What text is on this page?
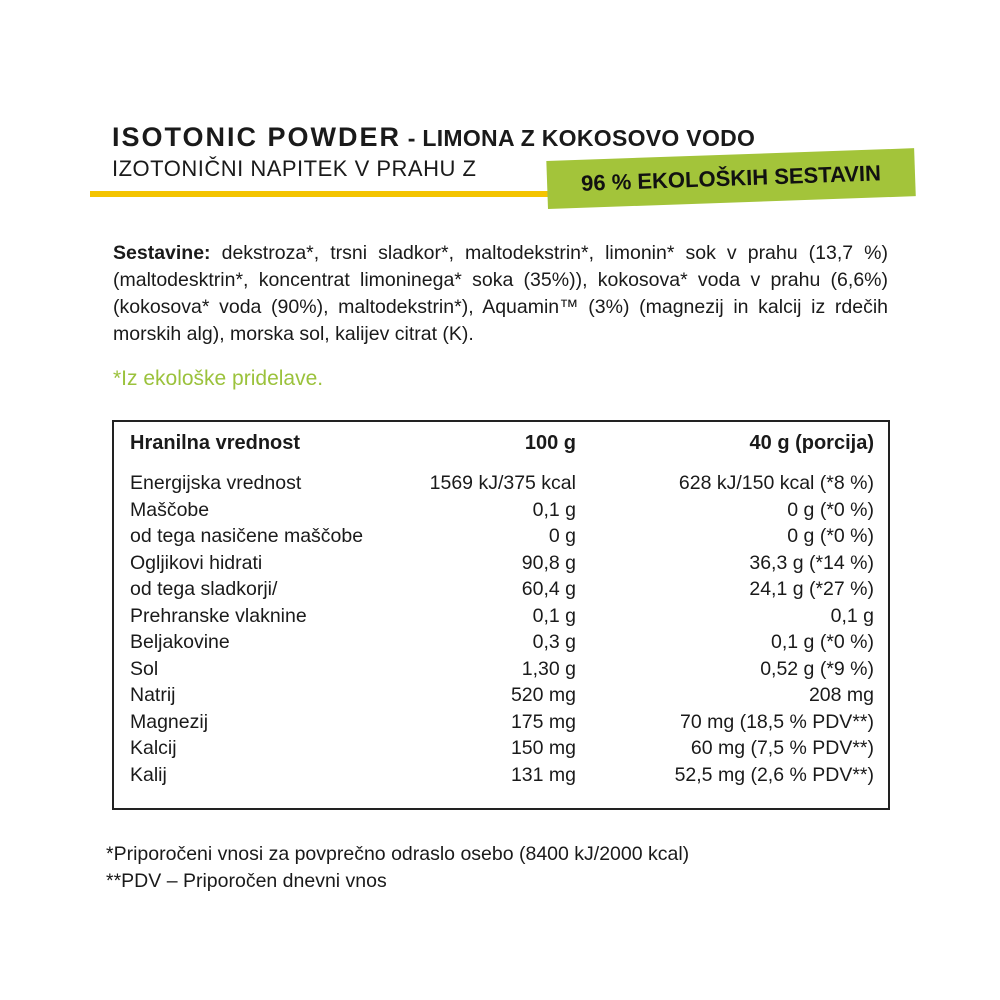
ISOTONIC POWDER - LIMONA Z KOKOSOVO VODO
IZOTONIČNI NAPITEK V PRAHU Z	96 % EKOLOŠKIH SESTAVIN
Sestavine: dekstroza*, trsni sladkor*, maltodekstrin*, limonin* sok v prahu (13,7 %) (maltodesktrin*, koncentrat limoninega* soka (35%)), kokosova* voda v prahu (6,6%) (kokosova* voda (90%), maltodekstrin*), Aquamin™ (3%) (magnezij in kalcij iz rdečih morskih alg), morska sol, kalijev citrat (K).
*Iz ekološke pridelave.
Hranilna vrednost	100 g	40 g (porcija)
Energijska vrednost	1569 kJ/375 kcal	628 kJ/150 kcal (*8 %)
Maščobe	0,1 g	0 g (*0 %)
od tega nasičene maščobe	0 g	0 g (*0 %)
Ogljikovi hidrati	90,8 g	36,3 g (*14 %)
od tega sladkorji/	60,4 g	24,1 g (*27 %)
Prehranske vlaknine	0,1 g	0,1 g
Beljakovine	0,3 g	0,1 g (*0 %)
Sol	1,30 g	0,52 g (*9 %)
Natrij	520 mg	208 mg
Magnezij	175 mg	70 mg (18,5 % PDV**)
Kalcij	150 mg	60 mg (7,5 % PDV**)
Kalij	131 mg	52,5 mg (2,6 % PDV**)
*Priporočeni vnosi za povprečno odraslo osebo (8400 kJ/2000 kcal)
**PDV – Priporočen dnevni vnos
